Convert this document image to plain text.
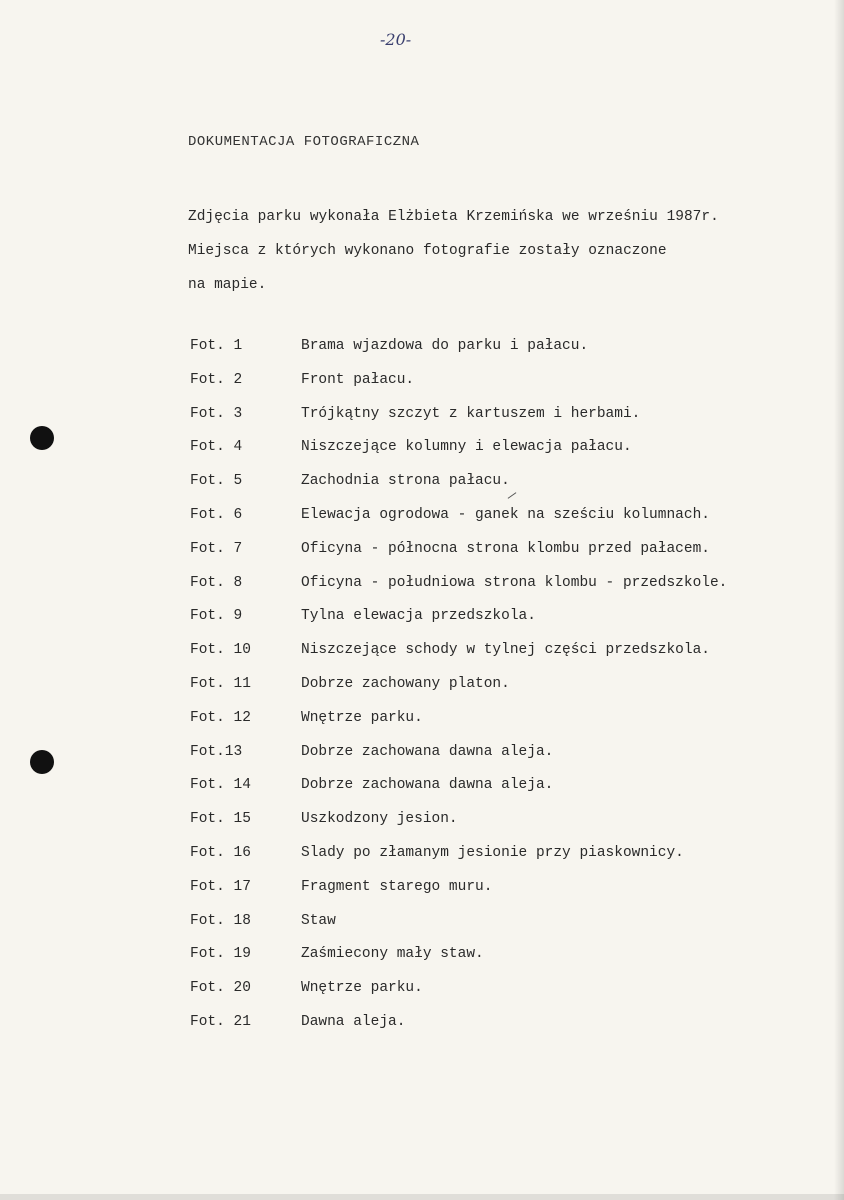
-20-
DOKUMENTACJA FOTOGRAFICZNA
Zdjęcia parku wykonała Elżbieta Krzemińska we wrześniu 1987r.
Miejsca z których wykonano fotografie zostały oznaczone
na mapie.
Fot. 1	Brama wjazdowa do parku i pałacu.
Fot. 2	Front pałacu.
Fot. 3	Trójkątny szczyt z kartuszem i herbami.
Fot. 4	Niszczejące kolumny i elewacja pałacu.
Fot. 5	Zachodnia strona pałacu.
Fot. 6	Elewacja ogrodowa - ganek na sześciu kolumnach.
Fot. 7	Oficyna - północna strona klombu przed pałacem.
Fot. 8	Oficyna - południowa strona klombu - przedszkole.
Fot. 9	Tylna elewacja przedszkola.
Fot. 10	Niszczejące schody w tylnej części przedszkola.
Fot. 11	Dobrze zachowany platon.
Fot. 12	Wnętrze parku.
Fot.13	Dobrze zachowana dawna aleja.
Fot. 14	Dobrze zachowana dawna aleja.
Fot. 15	Uszkodzony jesion.
Fot. 16	Slady po złamanym jesionie przy piaskownicy.
Fot. 17	Fragment starego muru.
Fot. 18	Staw
Fot. 19	Zaśmiecony mały staw.
Fot. 20	Wnętrze parku.
Fot. 21	Dawna aleja.
